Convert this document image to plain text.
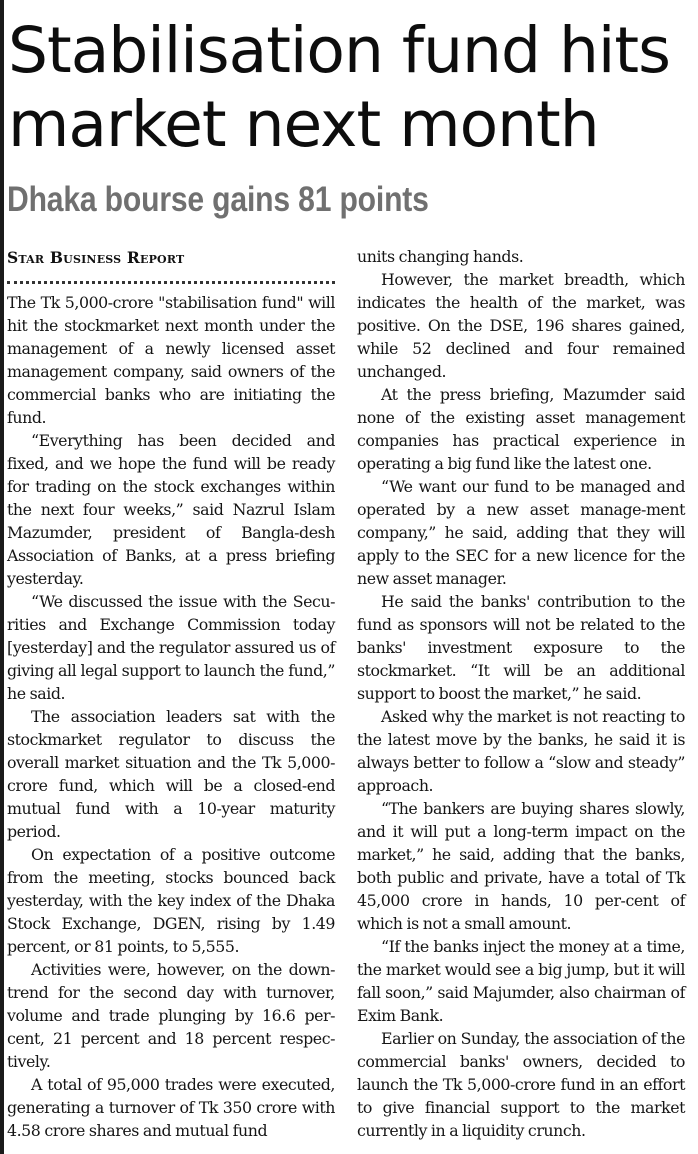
Stabilisation fund hits
market next month
Dhaka bourse gains 81 points
Star Business Report

The Tk 5,000-crore "stabilisation fund" will hit the stockmarket next month under the management of a newly licensed asset management company, said owners of the commercial banks who are initiating the fund.

“Everything has been decided and fixed, and we hope the fund will be ready for trading on the stock exchanges within the next four weeks,” said Nazrul Islam Mazumder, president of Bangla-desh Association of Banks, at a press briefing yesterday.

“We discussed the issue with the Secu-rities and Exchange Commission today [yesterday] and the regulator assured us of giving all legal support to launch the fund,” he said.

The association leaders sat with the stockmarket regulator to discuss the overall market situation and the Tk 5,000-crore fund, which will be a closed-end mutual fund with a 10-year maturity period.

On expectation of a positive outcome from the meeting, stocks bounced back yesterday, with the key index of the Dhaka Stock Exchange, DGEN, rising by 1.49 percent, or 81 points, to 5,555.

Activities were, however, on the down-trend for the second day with turnover, volume and trade plunging by 16.6 per-cent, 21 percent and 18 percent respec-tively.

A total of 95,000 trades were executed, generating a turnover of Tk 350 crore with 4.58 crore shares and mutual fund

units changing hands.

However, the market breadth, which indicates the health of the market, was positive. On the DSE, 196 shares gained, while 52 declined and four remained unchanged.

At the press briefing, Mazumder said none of the existing asset management companies has practical experience in operating a big fund like the latest one.

“We want our fund to be managed and operated by a new asset manage-ment company,” he said, adding that they will apply to the SEC for a new licence for the new asset manager.

He said the banks' contribution to the fund as sponsors will not be related to the banks' investment exposure to the stockmarket. “It will be an additional support to boost the market,” he said.

Asked why the market is not reacting to the latest move by the banks, he said it is always better to follow a “slow and steady” approach.

“The bankers are buying shares slowly, and it will put a long-term impact on the market,” he said, adding that the banks, both public and private, have a total of Tk 45,000 crore in hands, 10 per-cent of which is not a small amount.

“If the banks inject the money at a time, the market would see a big jump, but it will fall soon,” said Majumder, also chairman of Exim Bank.

Earlier on Sunday, the association of the commercial banks' owners, decided to launch the Tk 5,000-crore fund in an effort to give financial support to the market currently in a liquidity crunch.
